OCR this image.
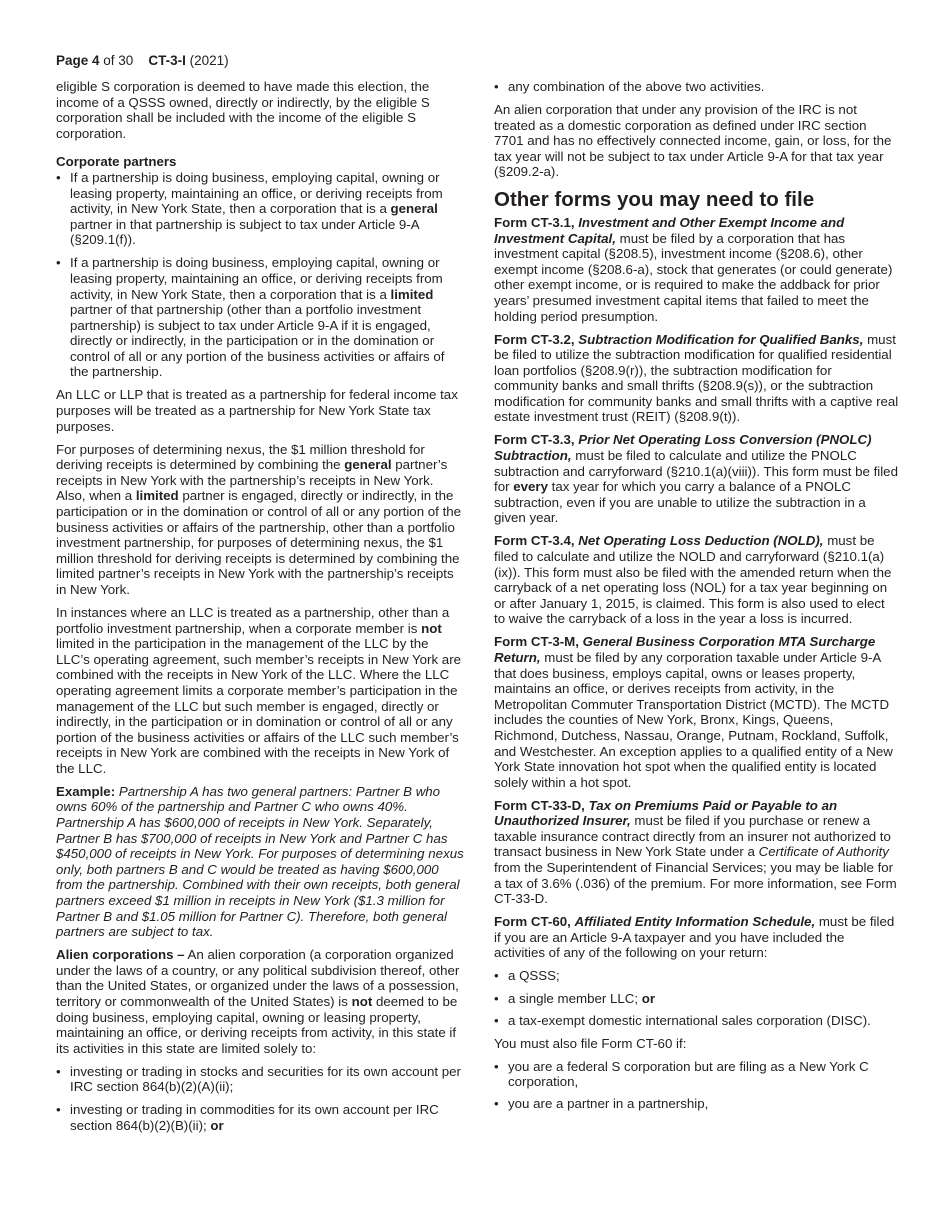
Page 4 of 30 CT-3-I (2021)

eligible S corporation is deemed to have made this election, the income of a QSSS owned, directly or indirectly, by the eligible S corporation shall be included with the income of the eligible S corporation.

Corporate partners

• If a partnership is doing business, employing capital, owning or leasing property, maintaining an office, or deriving receipts from activity, in New York State, then a corporation that is a general partner in that partnership is subject to tax under Article 9-A (§209.1(f)).
• If a partnership is doing business, employing capital, owning or leasing property, maintaining an office, or deriving receipts from activity, in New York State, then a corporation that is a limited partner of that partnership (other than a portfolio investment partnership) is subject to tax under Article 9-A if it is engaged, directly or indirectly, in the participation or in the domination or control of all or any portion of the business activities or affairs of the partnership.

An LLC or LLP that is treated as a partnership for federal income tax purposes will be treated as a partnership for New York State tax purposes.

For purposes of determining nexus, the $1 million threshold for deriving receipts is determined by combining the general partner’s receipts in New York with the partnership’s receipts in New York. Also, when a limited partner is engaged, directly or indirectly, in the participation or in the domination or control of all or any portion of the business activities or affairs of the partnership, other than a portfolio investment partnership, for purposes of determining nexus, the $1 million threshold for deriving receipts is determined by combining the limited partner’s receipts in New York with the partnership’s receipts in New York.

In instances where an LLC is treated as a partnership, other than a portfolio investment partnership, when a corporate member is not limited in the participation in the management of the LLC by the LLC’s operating agreement, such member’s receipts in New York are combined with the receipts in New York of the LLC. Where the LLC operating agreement limits a corporate member’s participation in the management of the LLC but such member is engaged, directly or indirectly, in the participation or in domination or control of all or any portion of the business activities or affairs of the LLC such member’s receipts in New York are combined with the receipts in New York of the LLC.

Example: Partnership A has two general partners: Partner B who owns 60% of the partnership and Partner C who owns 40%. Partnership A has $600,000 of receipts in New York. Separately, Partner B has $700,000 of receipts in New York and Partner C has $450,000 of receipts in New York. For purposes of determining nexus only, both partners B and C would be treated as having $600,000 from the partnership. Combined with their own receipts, both general partners exceed $1 million in receipts in New York ($1.3 million for Partner B and $1.05 million for Partner C). Therefore, both general partners are subject to tax.

Alien corporations – An alien corporation (a corporation organized under the laws of a country, or any political subdivision thereof, other than the United States, or organized under the laws of a possession, territory or commonwealth of the United States) is not deemed to be doing business, employing capital, owning or leasing property, maintaining an office, or deriving receipts from activity, in this state if its activities in this state are limited solely to:

• investing or trading in stocks and securities for its own account per IRC section 864(b)(2)(A)(ii);
• investing or trading in commodities for its own account per IRC section 864(b)(2)(B)(ii); or
• any combination of the above two activities.

An alien corporation that under any provision of the IRC is not treated as a domestic corporation as defined under IRC section 7701 and has no effectively connected income, gain, or loss, for the tax year will not be subject to tax under Article 9-A for that tax year (§209.2-a).

Other forms you may need to file

Form CT-3.1, Investment and Other Exempt Income and Investment Capital, must be filed by a corporation that has investment capital (§208.5), investment income (§208.6), other exempt income (§208.6-a), stock that generates (or could generate) other exempt income, or is required to make the addback for prior years’ presumed investment capital items that failed to meet the holding period presumption.

Form CT-3.2, Subtraction Modification for Qualified Banks, must be filed to utilize the subtraction modification for qualified residential loan portfolios (§208.9(r)), the subtraction modification for community banks and small thrifts (§208.9(s)), or the subtraction modification for community banks and small thrifts with a captive real estate investment trust (REIT) (§208.9(t)).

Form CT-3.3, Prior Net Operating Loss Conversion (PNOLC) Subtraction, must be filed to calculate and utilize the PNOLC subtraction and carryforward (§210.1(a)(viii)). This form must be filed for every tax year for which you carry a balance of a PNOLC subtraction, even if you are unable to utilize the subtraction in a given year.

Form CT-3.4, Net Operating Loss Deduction (NOLD), must be filed to calculate and utilize the NOLD and carryforward (§210.1(a)(ix)). This form must also be filed with the amended return when the carryback of a net operating loss (NOL) for a tax year beginning on or after January 1, 2015, is claimed. This form is also used to elect to waive the carryback of a loss in the year a loss is incurred.

Form CT-3-M, General Business Corporation MTA Surcharge Return, must be filed by any corporation taxable under Article 9-A that does business, employs capital, owns or leases property, maintains an office, or derives receipts from activity, in the Metropolitan Commuter Transportation District (MCTD). The MCTD includes the counties of New York, Bronx, Kings, Queens, Richmond, Dutchess, Nassau, Orange, Putnam, Rockland, Suffolk, and Westchester. An exception applies to a qualified entity of a New York State innovation hot spot when the qualified entity is located solely within a hot spot.

Form CT-33-D, Tax on Premiums Paid or Payable to an Unauthorized Insurer, must be filed if you purchase or renew a taxable insurance contract directly from an insurer not authorized to transact business in New York State under a Certificate of Authority from the Superintendent of Financial Services; you may be liable for a tax of 3.6% (.036) of the premium. For more information, see Form CT-33-D.

Form CT-60, Affiliated Entity Information Schedule, must be filed if you are an Article 9-A taxpayer and you have included the activities of any of the following on your return:

• a QSSS;
• a single member LLC; or
• a tax-exempt domestic international sales corporation (DISC).

You must also file Form CT-60 if:

• you are a federal S corporation but are filing as a New York C corporation,
• you are a partner in a partnership,
